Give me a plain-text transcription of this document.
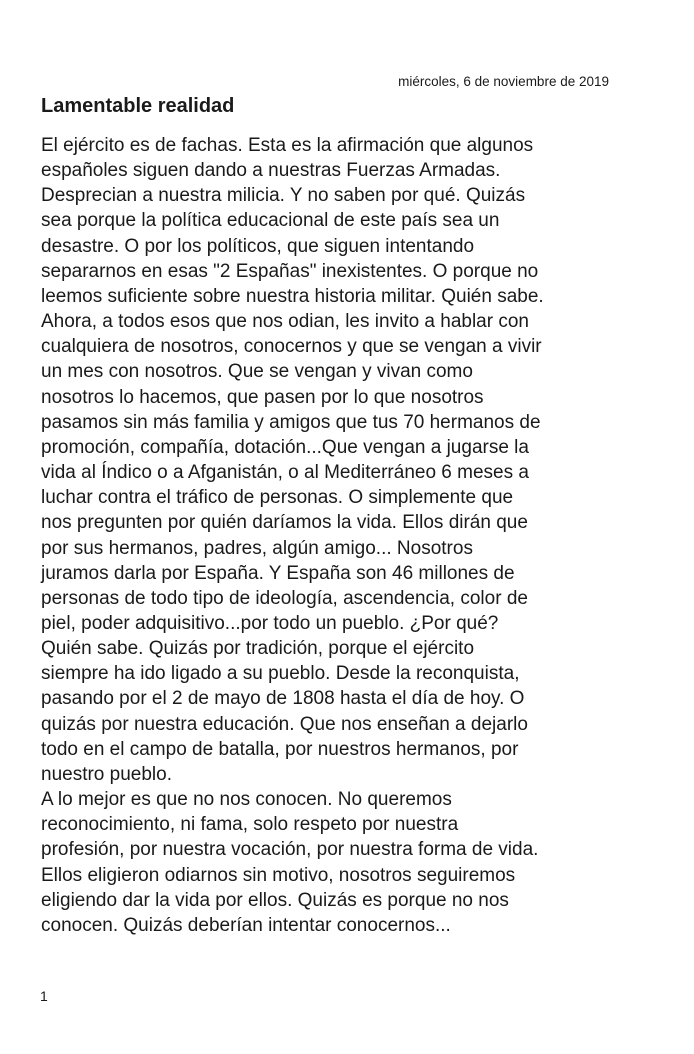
miércoles, 6 de noviembre de 2019
Lamentable realidad
El ejército es de fachas. Esta es la afirmación que algunos
españoles siguen dando a nuestras Fuerzas Armadas.
Desprecian a nuestra milicia. Y no saben por qué. Quizás
sea porque la política educacional de este país sea un
desastre. O por los políticos, que siguen intentando
separarnos en esas "2 Españas" inexistentes. O porque no
leemos suficiente sobre nuestra historia militar. Quién sabe.
Ahora, a todos esos que nos odian, les invito a hablar con
cualquiera de nosotros, conocernos y que se vengan a vivir
un mes con nosotros. Que se vengan y vivan como
nosotros lo hacemos, que pasen por lo que nosotros
pasamos sin más familia y amigos que tus 70 hermanos de
promoción, compañía, dotación...Que vengan a jugarse la
vida al Índico o a Afganistán, o al Mediterráneo 6 meses a
luchar contra el tráfico de personas. O simplemente que
nos pregunten por quién daríamos la vida. Ellos dirán que
por sus hermanos, padres, algún amigo... Nosotros
juramos darla por España. Y España son 46 millones de
personas de todo tipo de ideología, ascendencia, color de
piel, poder adquisitivo...por todo un pueblo. ¿Por qué?
Quién sabe. Quizás por tradición, porque el ejército
siempre ha ido ligado a su pueblo. Desde la reconquista,
pasando por el 2 de mayo de 1808 hasta el día de hoy. O
quizás por nuestra educación. Que nos enseñan a dejarlo
todo en el campo de batalla, por nuestros hermanos, por
nuestro pueblo.
A lo mejor es que no nos conocen. No queremos
reconocimiento, ni fama, solo respeto por nuestra
profesión, por nuestra vocación, por nuestra forma de vida.
Ellos eligieron odiarnos sin motivo, nosotros seguiremos
eligiendo dar la vida por ellos. Quizás es porque no nos
conocen. Quizás deberían intentar conocernos...
1
